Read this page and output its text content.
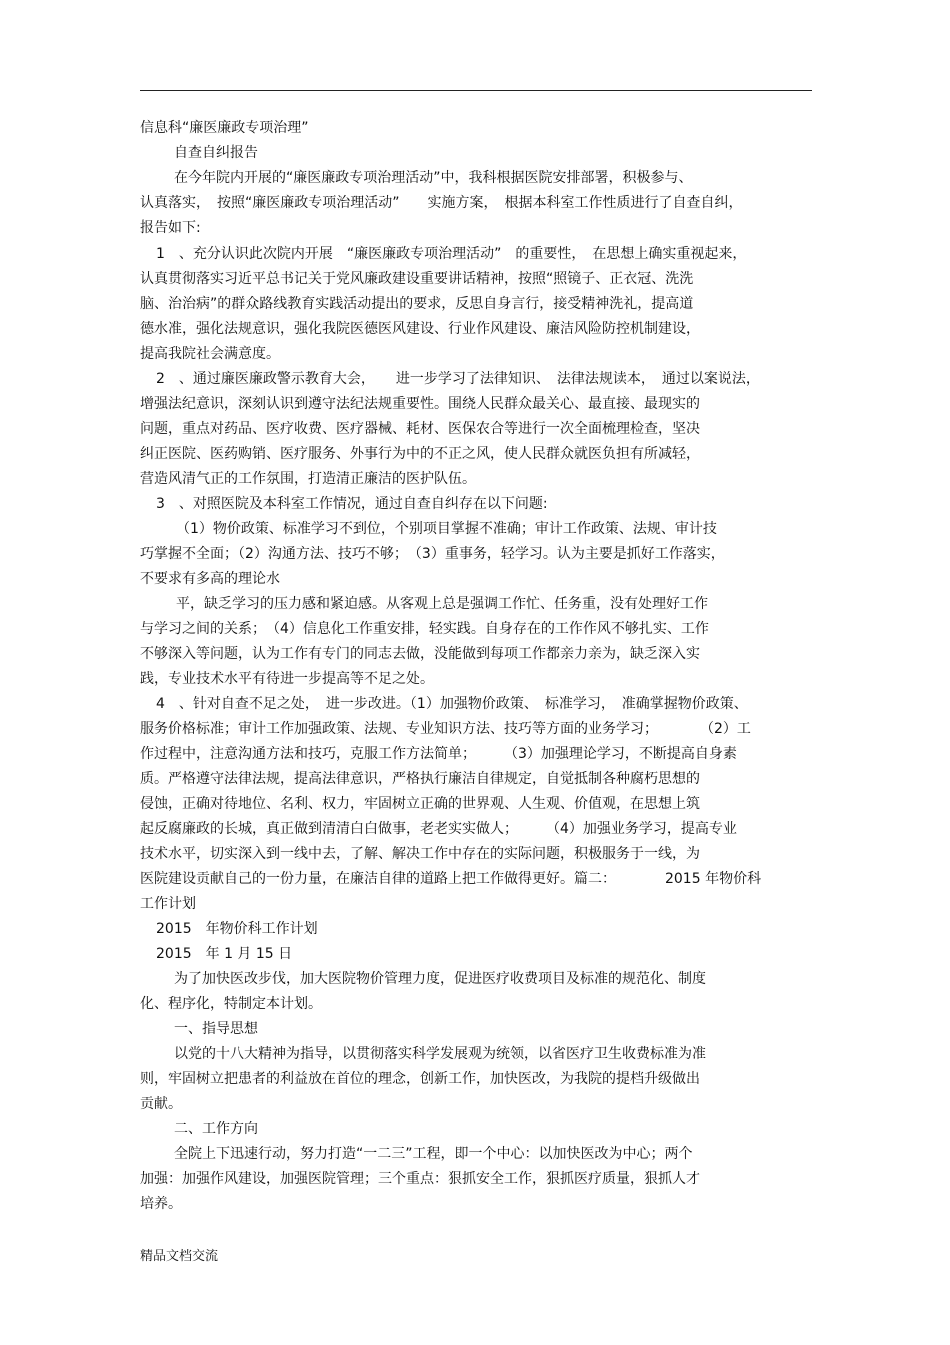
信息科“廉医廉政专项治理”
自查自纠报告
在今年院内开展的“廉医廉政专项治理活动”中，我科根据医院安排部署，积极参与、
认真落实，　按照“廉医廉政专项治理活动”　　实施方案，　根据本科室工作性质进行了自查自纠，
报告如下:
1　、充分认识此次院内开展　“廉医廉政专项治理活动”　的重要性，　在思想上确实重视起来，
认真贯彻落实习近平总书记关于党风廉政建设重要讲话精神，按照“照镜子、正衣冠、洗洗
脑、治治病”的群众路线教育实践活动提出的要求，反思自身言行，接受精神洗礼，提高道
德水准，强化法规意识，强化我院医德医风建设、行业作风建设、廉洁风险防控机制建设，
提高我院社会满意度。
2　、通过廉医廉政警示教育大会，　　进一步学习了法律知识、　法律法规读本，　通过以案说法，
增强法纪意识，深刻认识到遵守法纪法规重要性。围绕人民群众最关心、最直接、最现实的
问题，重点对药品、医疗收费、医疗器械、耗材、医保农合等进行一次全面梳理检查，坚决
纠正医院、医药购销、医疗服务、外事行为中的不正之风，使人民群众就医负担有所减轻，
营造风清气正的工作氛围，打造清正廉洁的医护队伍。
3　、对照医院及本科室工作情况，通过自查自纠存在以下问题:
（1）物价政策、标准学习不到位，个别项目掌握不准确；审计工作政策、法规、审计技
巧掌握不全面；（2）沟通方法、技巧不够；　（3）重事务，轻学习。认为主要是抓好工作落实，
不要求有多高的理论水
平，缺乏学习的压力感和紧迫感。从客观上总是强调工作忙、任务重，没有处理好工作
与学习之间的关系；　（4）信息化工作重安排，轻实践。自身存在的工作作风不够扎实、工作
不够深入等问题，认为工作有专门的同志去做，没能做到每项工作都亲力亲为，缺乏深入实
践，专业技术水平有待进一步提高等不足之处。
4　、针对自查不足之处，　进一步改进。（1）加强物价政策、　标准学习，　准确掌握物价政策、
服务价格标准；审计工作加强政策、法规、专业知识方法、技巧等方面的业务学习；　　　　（2）工
作过程中，注意沟通方法和技巧，克服工作方法简单；　　　（3）加强理论学习，不断提高自身素
质。严格遵守法律法规，提高法律意识，严格执行廉洁自律规定，自觉抵制各种腐朽思想的
侵蚀，正确对待地位、名利、权力，牢固树立正确的世界观、人生观、价值观，在思想上筑
起反腐廉政的长城，真正做到清清白白做事，老老实实做人；　　　（4）加强业务学习，提高专业
技术水平，切实深入到一线中去，了解、解决工作中存在的实际问题，积极服务于一线，为
医院建设贡献自己的一份力量，在廉洁自律的道路上把工作做得更好。篇二：　　　　2015 年物价科
工作计划
2015　年物价科工作计划
2015　年 1 月 15 日
为了加快医改步伐，加大医院物价管理力度，促进医疗收费项目及标准的规范化、制度
化、程序化，特制定本计划。
一、指导思想
以党的十八大精神为指导，以贯彻落实科学发展观为统领，以省医疗卫生收费标准为准
则，牢固树立把患者的利益放在首位的理念，创新工作，加快医改，为我院的提档升级做出
贡献。
二、工作方向
全院上下迅速行动，努力打造“一二三”工程，即一个中心：以加快医改为中心；两个
加强：加强作风建设，加强医院管理；三个重点：狠抓安全工作，狠抓医疗质量，狠抓人才
培养。
精品文档交流
